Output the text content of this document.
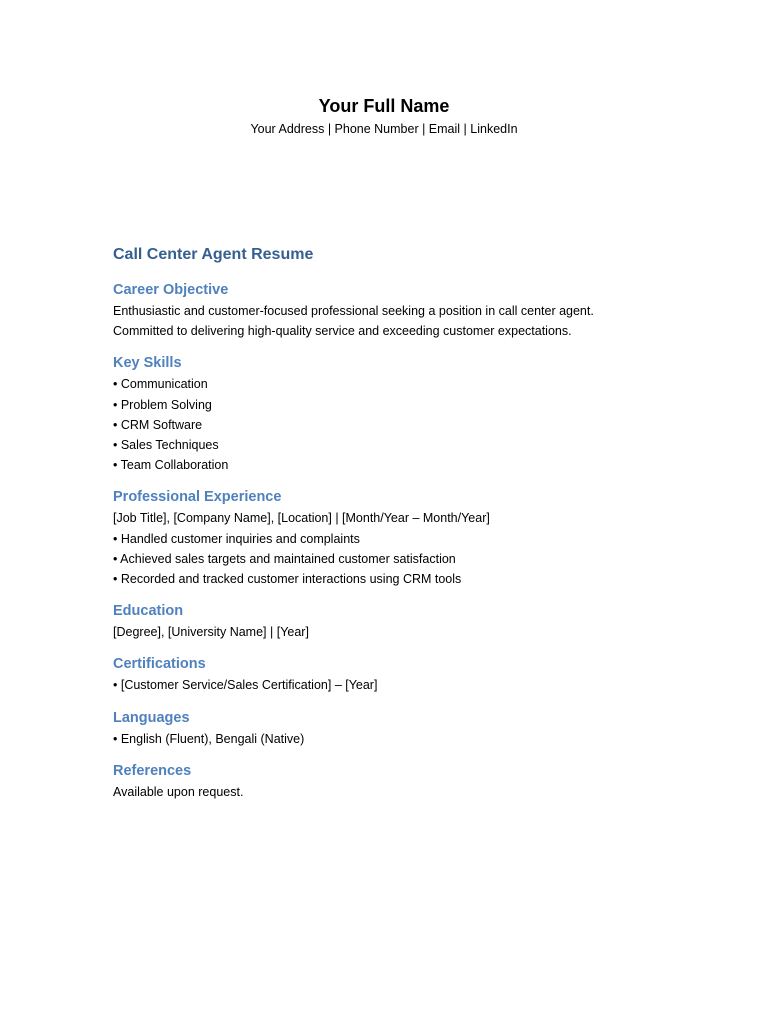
Your Full Name
Your Address | Phone Number | Email | LinkedIn
Call Center Agent Resume
Career Objective
Enthusiastic and customer-focused professional seeking a position in call center agent.
Committed to delivering high-quality service and exceeding customer expectations.
Key Skills
• Communication
• Problem Solving
• CRM Software
• Sales Techniques
• Team Collaboration
Professional Experience
[Job Title], [Company Name], [Location] | [Month/Year – Month/Year]
• Handled customer inquiries and complaints
• Achieved sales targets and maintained customer satisfaction
• Recorded and tracked customer interactions using CRM tools
Education
[Degree], [University Name] | [Year]
Certifications
• [Customer Service/Sales Certification] – [Year]
Languages
• English (Fluent), Bengali (Native)
References
Available upon request.
